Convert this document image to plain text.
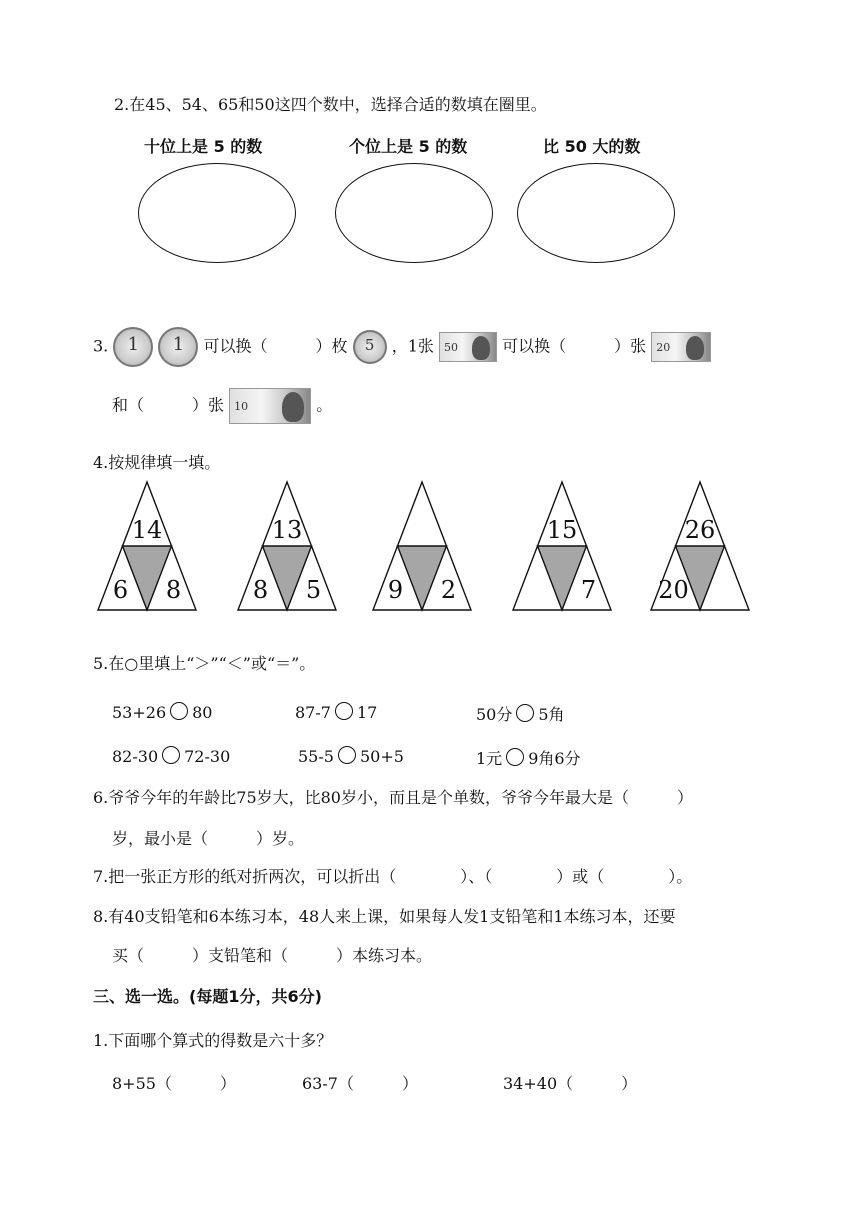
2.在45、54、65和50这四个数中，选择合适的数填在圈里。
十位上是 5 的数	个位上是 5 的数	比 50 大的数
3. 1 1 可以换（　　　）枚 5 ，1张 50	可以换（　　　）张 20
和（　　　）张 10	。
4.按规律填一填。
14
6 8
13
8 5	9 2
15
7
26
20
5.在○里填上“＞”“＜”或“＝”。
53+26 80	87-7 17	50分 5角
82-30 72-30	55-5 50+5	1元 9角6分
6.爷爷今年的年龄比75岁大，比80岁小，而且是个单数，爷爷今年最大是（　　　）
岁，最小是（　　　）岁。
7.把一张正方形的纸对折两次，可以折出（　　　　）、（　　　　）或（　　　　）。
8.有40支铅笔和6本练习本，48人来上课，如果每人发1支铅笔和1本练习本，还要
买（　　　）支铅笔和（　　　）本练习本。
三、选一选。(每题1分，共6分)
1.下面哪个算式的得数是六十多？
8+55（　　　）	63-7（　　　）	34+40（　　　）
